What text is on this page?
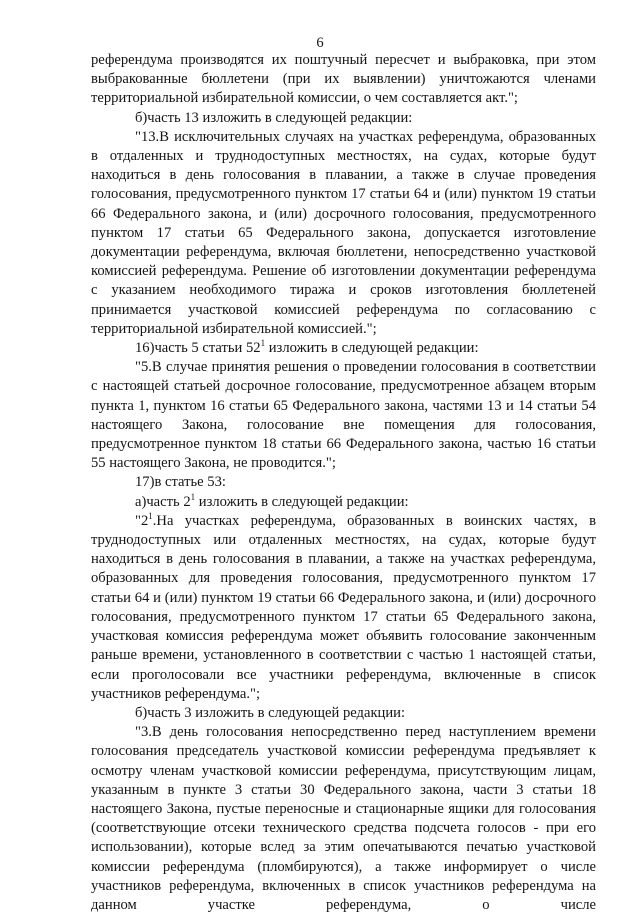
6

референдума производятся их поштучный пересчет и выбраковка, при этом выбракованные бюллетени (при их выявлении) уничтожаются членами территориальной избирательной комиссии, о чем составляется акт.";

б)часть 13 изложить в следующей редакции:

"13.В исключительных случаях на участках референдума, образованных в отдаленных и труднодоступных местностях, на судах, которые будут находиться в день голосования в плавании, а также в случае проведения голосования, предусмотренного пунктом 17 статьи 64 и (или) пунктом 19 статьи 66 Федерального закона, и (или) досрочного голосования, предусмотренного пунктом 17 статьи 65 Федерального закона, допускается изготовление документации референдума, включая бюллетени, непосредственно участковой комиссией референдума. Решение об изготовлении документации референдума с указанием необходимого тиража и сроков изготовления бюллетеней принимается участковой комиссией референдума по согласованию с территориальной избирательной комиссией.";

16)часть 5 статьи $52^1$ изложить в следующей редакции:

"5.В случае принятия решения о проведении голосования в соответствии с настоящей статьей досрочное голосование, предусмотренное абзацем вторым пункта 1, пунктом 16 статьи 65 Федерального закона, частями 13 и 14 статьи 54 настоящего Закона, голосование вне помещения для голосования, предусмотренное пунктом 18 статьи 66 Федерального закона, частью 16 статьи 55 настоящего Закона, не проводится.";

17)в статье 53:

а)часть $2^1$ изложить в следующей редакции:

"$2^1.На$ участках референдума, образованных в воинских частях, в труднодоступных или отдаленных местностях, на судах, которые будут находиться в день голосования в плавании, а также на участках референдума, образованных для проведения голосования, предусмотренного пунктом 17 статьи 64 и (или) пунктом 19 статьи 66 Федерального закона, и (или) досрочного голосования, предусмотренного пунктом 17 статьи 65 Федерального закона, участковая комиссия референдума может объявить голосование законченным раньше времени, установленного в соответствии с частью 1 настоящей статьи, если проголосовали все участники референдума, включенные в список участников референдума.";

б)часть 3 изложить в следующей редакции:

"3.В день голосования непосредственно перед наступлением времени голосования председатель участковой комиссии референдума предъявляет к осмотру членам участковой комиссии референдума, присутствующим лицам, указанным в пункте 3 статьи 30 Федерального закона, части 3 статьи 18 настоящего Закона, пустые переносные и стационарные ящики для голосования (соответствующие отсеки технического средства подсчета голосов - при его использовании), которые вслед за этим опечатываются печатью участковой комиссии референдума (пломбируются), а также информирует о числе участников референдума, включенных в список участников референдума на данном участке референдума, о числе
